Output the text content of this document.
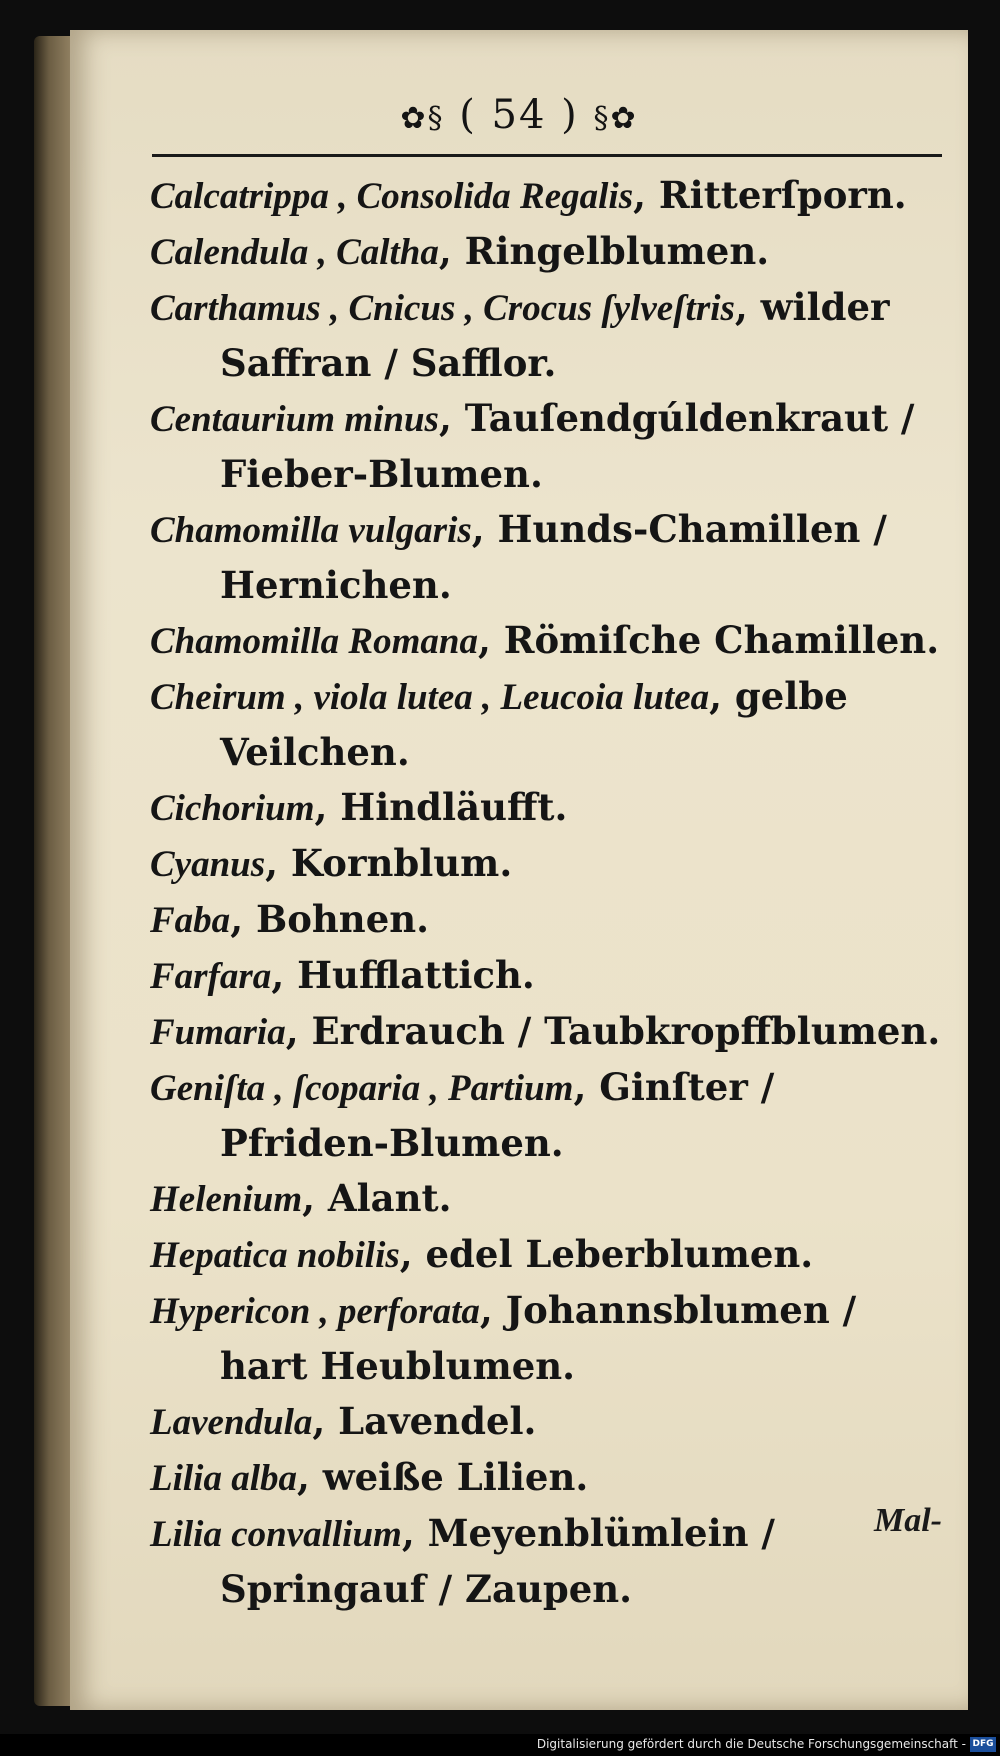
✿§ ( 54 ) §✿
Calcatrippa , Consolida Regalis, Ritterſporn.
Calendula , Caltha, Ringelblumen.
Carthamus , Cnicus , Crocus ſylveſtris, wilder Saffran / Safflor.
Centaurium minus, Tauſendgúldenkraut / Fieber-Blumen.
Chamomilla vulgaris, Hunds-Chamillen / Hernichen.
Chamomilla Romana, Römiſche Chamillen.
Cheirum , viola lutea , Leucoia lutea, gelbe Veilchen.
Cichorium, Hindläufft.
Cyanus, Kornblum.
Faba, Bohnen.
Farfara, Hufflattich.
Fumaria, Erdrauch / Taubkropffblumen.
Geniſta , ſcoparia , Partium, Ginſter / Pfriden-Blumen.
Helenium, Alant.
Hepatica nobilis, edel Leberblumen.
Hypericon , perforata, Johannsblumen / hart Heublumen.
Lavendula, Lavendel.
Lilia alba, weiße Lilien.
Lilia convallium, Meyenblümlein / Springauf / Zaupen.
Mal-
Digitalisierung gefördert durch die Deutsche Forschungsgemeinschaft - DFG
